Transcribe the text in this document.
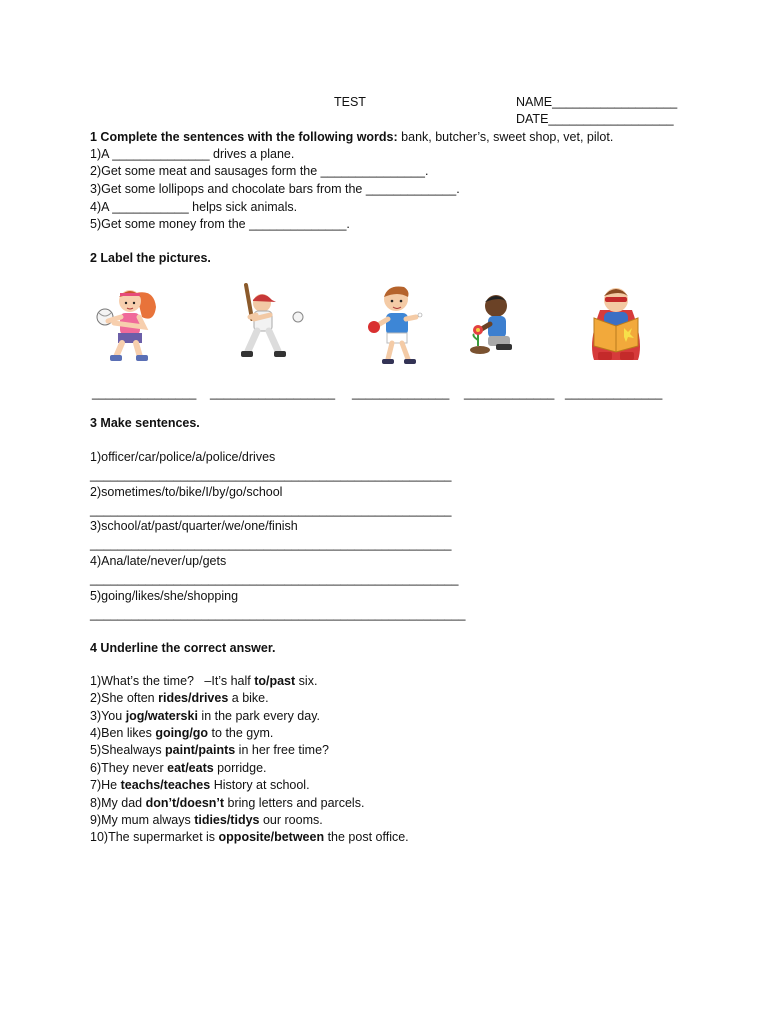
TEST	NAME__________________
DATE__________________
1 Complete the sentences with the following words: bank, butcher’s, sweet shop, vet, pilot.
1)A ______________ drives a plane.
2)Get some meat and sausages form the _______________.
3)Get some lollipops and chocolate bars from the _____________.
4)A ___________ helps sick animals.
5)Get some money from the ______________.
2 Label the pictures.
_______________ __________________ ______________ _____________ ______________
3 Make sentences.
1)officer/car/police/a/police/drives
____________________________________________________
2)sometimes/to/bike/I/by/go/school
____________________________________________________
3)school/at/past/quarter/we/one/finish
____________________________________________________
4)Ana/late/never/up/gets
_____________________________________________________
5)going/likes/she/shopping
______________________________________________________
4 Underline the correct answer.
1)What’s the time?   –It’s half to/past six.
2)She often rides/drives a bike.
3)You jog/waterski in the park every day.
4)Ben likes going/go to the gym.
5)Shealways paint/paints in her free time?
6)They never eat/eats porridge.
7)He teachs/teaches History at school.
8)My dad don’t/doesn’t bring letters and parcels.
9)My mum always tidies/tidys our rooms.
10)The supermarket is opposite/between the post office.
